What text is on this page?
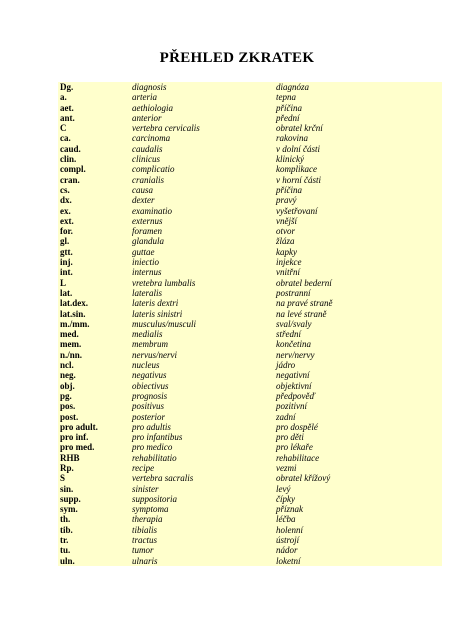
PŘEHLED ZKRATEK
Dg.	diagnosis	diagnóza
a.	arteria	tepna
aet.	aethiologia	příčina
ant.	anterior	přední
C	vertebra cervicalis	obratel krční
ca.	carcinoma	rakovina
caud.	caudalis	v dolní části
clin.	clinicus	klinický
compl.	complicatio	komplikace
cran.	cranialis	v horní části
cs.	causa	příčina
dx.	dexter	pravý
ex.	examinatio	vyšetřovaní
ext.	externus	vnější
for.	foramen	otvor
gl.	glandula	žláza
gtt.	guttae	kapky
inj.	iniectio	injekce
int.	internus	vnitřní
L	vretebra lumbalis	obratel bederní
lat.	lateralis	postranní
lat.dex.	lateris dextri	na pravé straně
lat.sin.	lateris sinistri	na levé straně
m./mm.	musculus/musculi	sval/svaly
med.	medialis	střední
mem.	membrum	končetina
n./nn.	nervus/nervi	nerv/nervy
ncl.	nucleus	jádro
neg.	negativus	negativní
obj.	obiectivus	objektivní
pg.	prognosis	předpověď
pos.	positivus	pozitivní
post.	posterior	zadní
pro adult.	pro adultis	pro dospělé
pro inf.	pro infantibus	pro děti
pro med.	pro medico	pro lékaře
RHB	rehabilitatio	rehabilitace
Rp.	recipe	vezmi
S	vertebra sacralis	obratel křížový
sin.	sinister	levý
supp.	suppositoria	čípky
sym.	symptoma	příznak
th.	therapia	léčba
tib.	tibialis	holenní
tr.	tractus	ústrojí
tu.	tumor	nádor
uln.	ulnaris	loketní
